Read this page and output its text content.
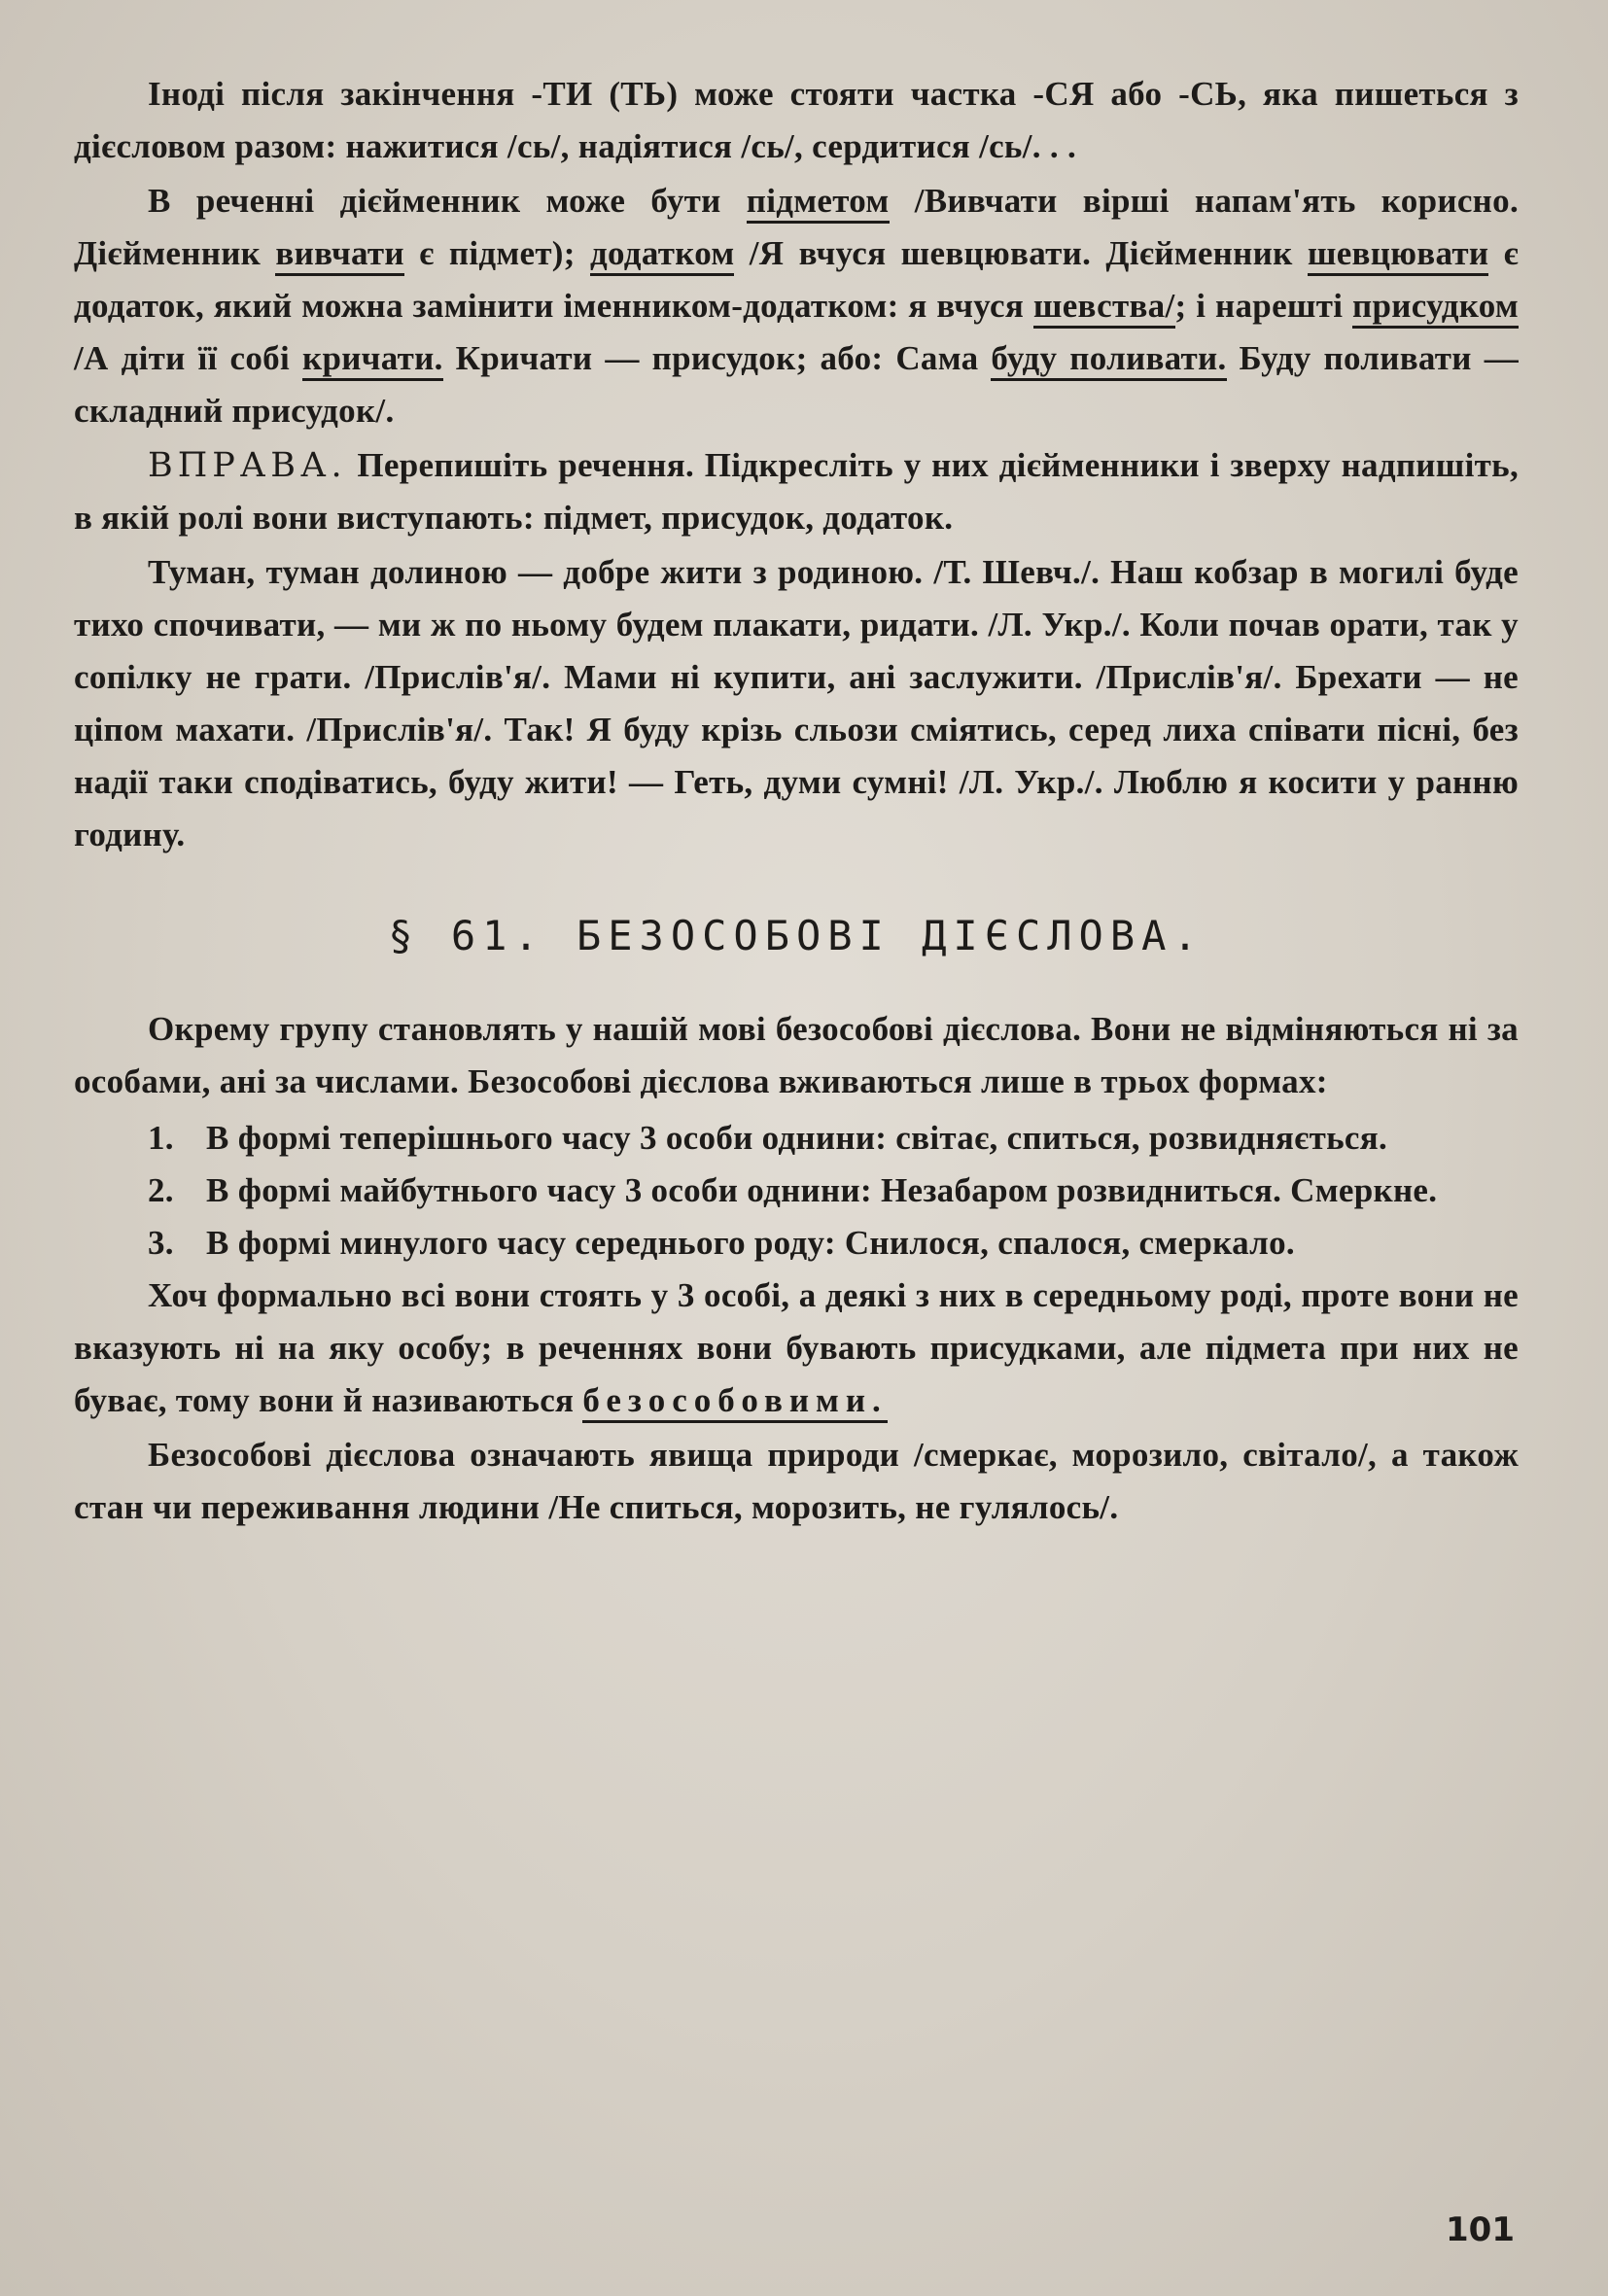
Іноді після закінчення -ТИ (ТЬ) може стояти частка -СЯ або -СЬ, яка пишеться з дієсловом разом: нажитися /сь/, надіятися /сь/, сердитися /сь/. . .

В реченні дієйменник може бути підметом /Вивчати вірші напам'ять корисно. Дієйменник вивчати є підмет); додатком /Я вчуся шевцювати. Дієйменник шевцювати є додаток, який можна замінити іменником-додатком: я вчуся шевства/; і нарешті присудком /А діти її собі кричати. Кричати — присудок; або: Сама буду поливати. Буду поливати — складний присудок/.

ВПРАВА. Перепишіть речення. Підкресліть у них дієйменники і зверху надпишіть, в якій ролі вони виступають: підмет, присудок, додаток.

Туман, туман долиною — добре жити з родиною. /Т. Шевч./. Наш кобзар в могилі буде тихо спочивати, — ми ж по ньому будем плакати, ридати. /Л. Укр./. Коли почав орати, так у сопілку не грати. /Прислів'я/. Мами ні купити, ані заслужити. /Прислів'я/. Брехати — не ціпом махати. /Прислів'я/. Так! Я буду крізь сльози сміятись, серед лиха співати пісні, без надії таки сподіватись, буду жити! — Геть, думи сумні! /Л. Укр./. Люблю я косити у ранню годину.

§ 61. БЕЗОСОБОВІ ДІЄСЛОВА.

Окрему групу становлять у нашій мові безособові дієслова. Вони не відміняються ні за особами, ані за числами. Безособові дієслова вживаються лише в трьох формах:

1. В формі теперішнього часу 3 особи однини: світає, спиться, розвидняється.
2. В формі майбутнього часу 3 особи однини: Незабаром розвидниться. Смеркне.
3. В формі минулого часу середнього роду: Снилося, спалося, смеркало.

Хоч формально всі вони стоять у 3 особі, а деякі з них в середньому роді, проте вони не вказують ні на яку особу; в реченнях вони бувають присудками, але підмета при них не буває, тому вони й називаються безособовими.

Безособові дієслова означають явища природи /смеркає, морозило, світало/, а також стан чи переживання людини /Не спиться, морозить, не гулялось/.

101
